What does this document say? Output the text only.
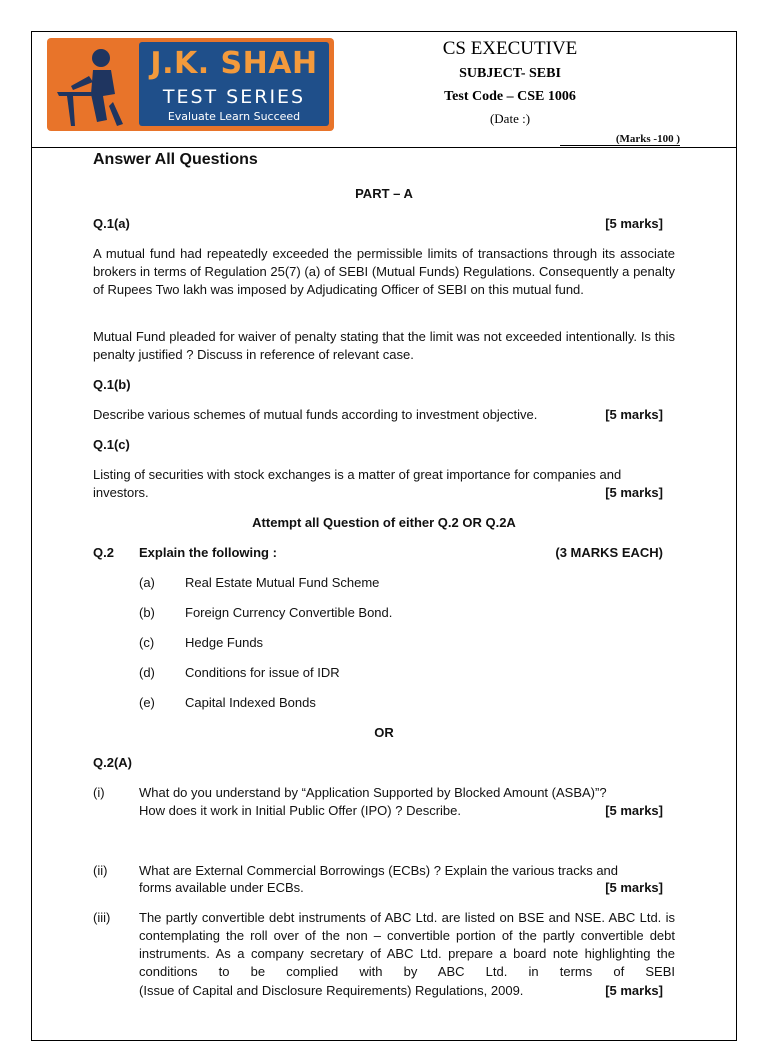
J.K. SHAH
TEST SERIES
Evaluate Learn Succeed
CS EXECUTIVE
SUBJECT- SEBI
Test Code – CSE 1006
(Date :)
(Marks -100 )
Answer All Questions
PART – A
Q.1(a)	[5 marks]
A mutual fund had repeatedly exceeded the permissible limits of transactions through its associate brokers in terms of Regulation 25(7) (a) of SEBI (Mutual Funds) Regulations. Consequently a penalty of Rupees Two lakh was imposed by Adjudicating Officer of SEBI on this mutual fund.
Mutual Fund pleaded for waiver of penalty stating that the limit was not exceeded intentionally. Is this penalty justified ? Discuss in reference of relevant case.
Q.1(b)
Describe various schemes of mutual funds according to investment objective.	[5 marks]
Q.1(c)
Listing of securities with stock exchanges is a matter of great importance for companies and
investors.	[5 marks]
Attempt all Question of either Q.2 OR Q.2A
Q.2 Explain the following :	(3 MARKS EACH)
(a) Real Estate Mutual Fund Scheme
(b) Foreign Currency Convertible Bond.
(c) Hedge Funds
(d) Conditions for issue of IDR
(e) Capital Indexed Bonds
OR
Q.2(A)
(i)	What do you understand by “Application Supported by Blocked Amount (ASBA)”?
How does it work in Initial Public Offer (IPO) ? Describe.	[5 marks]
(ii) What are External Commercial Borrowings (ECBs) ? Explain the various tracks and
forms available under ECBs.	[5 marks]
(iii) The partly convertible debt instruments of ABC Ltd. are listed on BSE and NSE. ABC Ltd. is contemplating the roll over of the non – convertible portion of the partly convertible debt instruments. As a company secretary of ABC Ltd. prepare a board note highlighting the conditions to be complied with by ABC Ltd. in terms of SEBI
(Issue of Capital and Disclosure Requirements) Regulations, 2009.	[5 marks]
